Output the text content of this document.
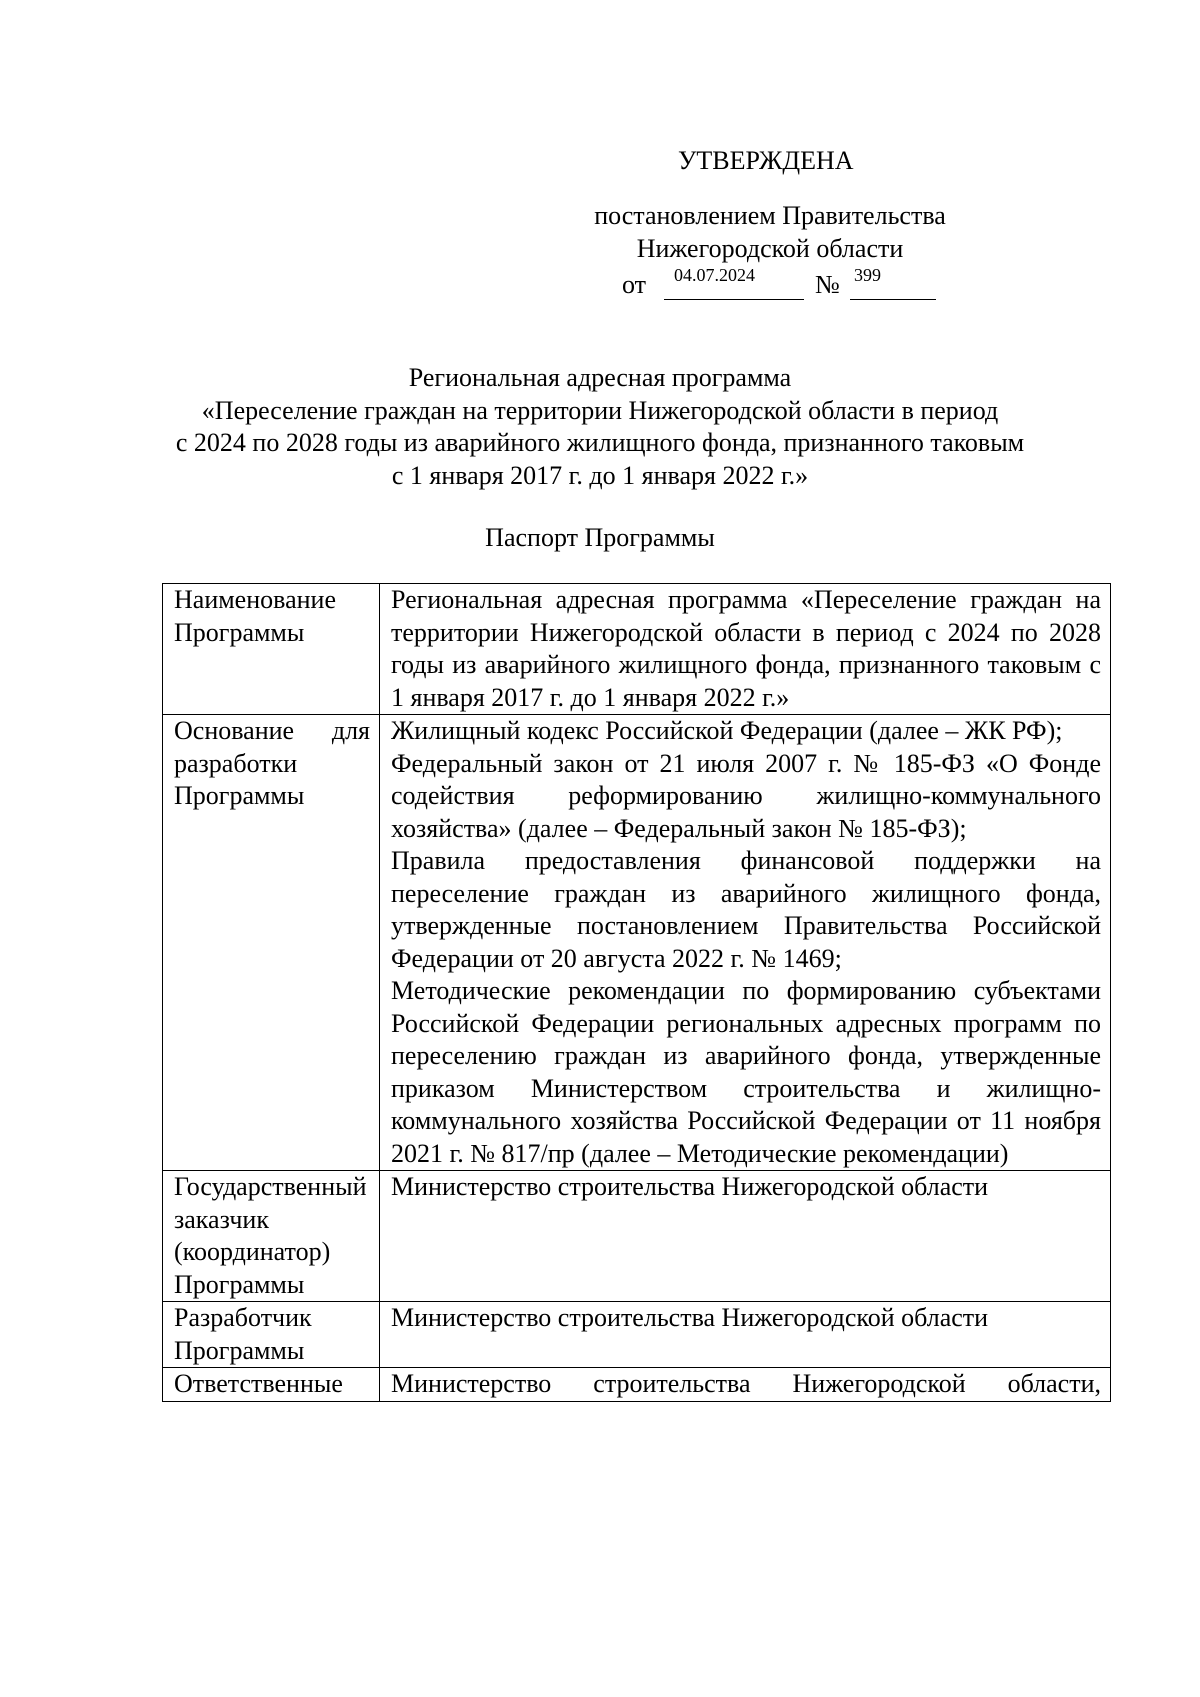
УТВЕРЖДЕНА
постановлением Правительства
Нижегородской области
от 04.07.2024 № 399
Региональная адресная программа
«Переселение граждан на территории Нижегородской области в период
с 2024 по 2028 годы из аварийного жилищного фонда, признанного таковым
с 1 января 2017 г. до 1 января 2022 г.»
Паспорт Программы
Наименование Программы	Региональная адресная программа «Переселение граждан на территории Нижегородской области в период с 2024 по 2028 годы из аварийного жилищного фонда, признанного таковым с 1 января 2017 г. до 1 января 2022 г.»

Основание для разработки Программы	Жилищный кодекс Российской Федерации (далее – ЖК РФ);
Федеральный закон от 21 июля 2007 г. № 185-ФЗ «О Фонде содействия реформированию жилищно-коммунального хозяйства» (далее – Федеральный закон № 185-ФЗ);
Правила предоставления финансовой поддержки на переселение граждан из аварийного жилищного фонда, утвержденные постановлением Правительства Российской Федерации от 20 августа 2022 г. № 1469;
Методические рекомендации по формированию субъектами Российской Федерации региональных адресных программ по переселению граждан из аварийного фонда, утвержденные приказом Министерством строительства и жилищно-коммунального хозяйства Российской Федерации от 11 ноября 2021 г. № 817/пр (далее – Методические рекомендации)

Государственный заказчик (координатор) Программы	Министерство строительства Нижегородской области

Разработчик Программы	Министерство строительства Нижегородской области

Ответственные	Министерство строительства Нижегородской области,
